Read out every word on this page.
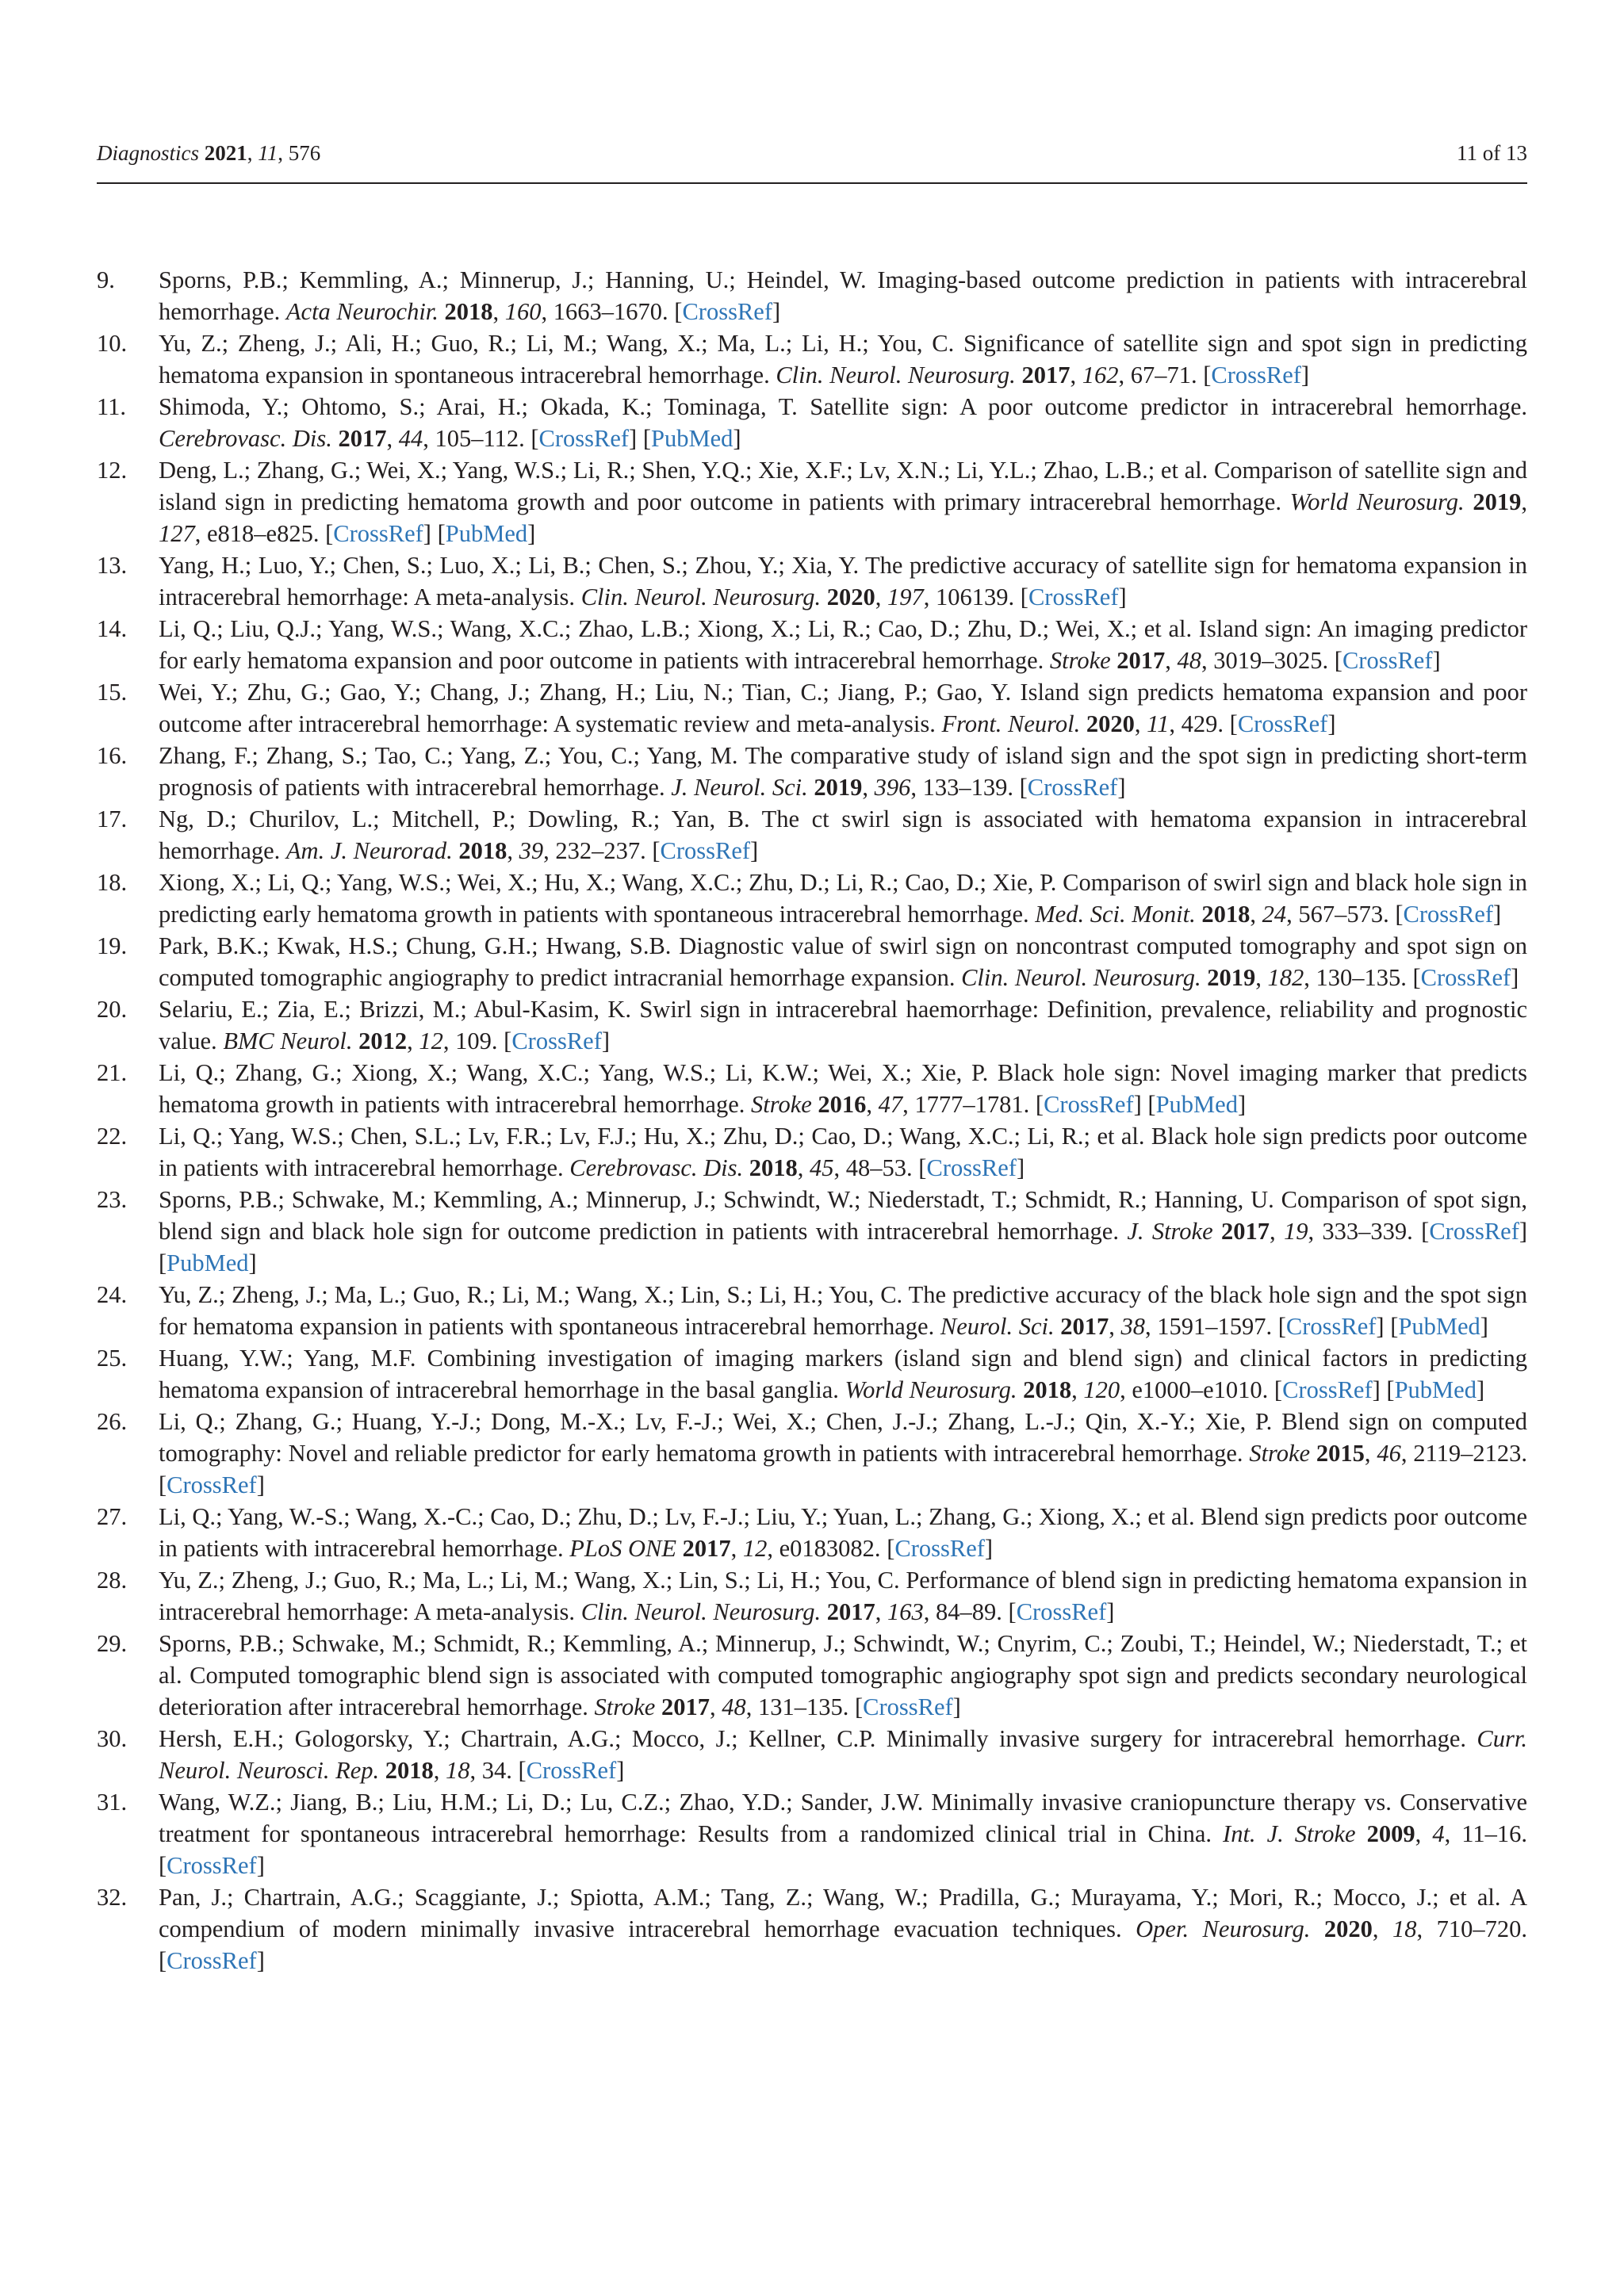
Diagnostics 2021, 11, 576	11 of 13
9. Sporns, P.B.; Kemmling, A.; Minnerup, J.; Hanning, U.; Heindel, W. Imaging-based outcome prediction in patients with intracerebral hemorrhage. Acta Neurochir. 2018, 160, 1663–1670. [CrossRef]
10. Yu, Z.; Zheng, J.; Ali, H.; Guo, R.; Li, M.; Wang, X.; Ma, L.; Li, H.; You, C. Significance of satellite sign and spot sign in predicting hematoma expansion in spontaneous intracerebral hemorrhage. Clin. Neurol. Neurosurg. 2017, 162, 67–71. [CrossRef]
11. Shimoda, Y.; Ohtomo, S.; Arai, H.; Okada, K.; Tominaga, T. Satellite sign: A poor outcome predictor in intracerebral hemorrhage. Cerebrovasc. Dis. 2017, 44, 105–112. [CrossRef] [PubMed]
12. Deng, L.; Zhang, G.; Wei, X.; Yang, W.S.; Li, R.; Shen, Y.Q.; Xie, X.F.; Lv, X.N.; Li, Y.L.; Zhao, L.B.; et al. Comparison of satellite sign and island sign in predicting hematoma growth and poor outcome in patients with primary intracerebral hemorrhage. World Neurosurg. 2019, 127, e818–e825. [CrossRef] [PubMed]
13. Yang, H.; Luo, Y.; Chen, S.; Luo, X.; Li, B.; Chen, S.; Zhou, Y.; Xia, Y. The predictive accuracy of satellite sign for hematoma expansion in intracerebral hemorrhage: A meta-analysis. Clin. Neurol. Neurosurg. 2020, 197, 106139. [CrossRef]
14. Li, Q.; Liu, Q.J.; Yang, W.S.; Wang, X.C.; Zhao, L.B.; Xiong, X.; Li, R.; Cao, D.; Zhu, D.; Wei, X.; et al. Island sign: An imaging predictor for early hematoma expansion and poor outcome in patients with intracerebral hemorrhage. Stroke 2017, 48, 3019–3025. [CrossRef]
15. Wei, Y.; Zhu, G.; Gao, Y.; Chang, J.; Zhang, H.; Liu, N.; Tian, C.; Jiang, P.; Gao, Y. Island sign predicts hematoma expansion and poor outcome after intracerebral hemorrhage: A systematic review and meta-analysis. Front. Neurol. 2020, 11, 429. [CrossRef]
16. Zhang, F.; Zhang, S.; Tao, C.; Yang, Z.; You, C.; Yang, M. The comparative study of island sign and the spot sign in predicting short-term prognosis of patients with intracerebral hemorrhage. J. Neurol. Sci. 2019, 396, 133–139. [CrossRef]
17. Ng, D.; Churilov, L.; Mitchell, P.; Dowling, R.; Yan, B. The ct swirl sign is associated with hematoma expansion in intracerebral hemorrhage. Am. J. Neurorad. 2018, 39, 232–237. [CrossRef]
18. Xiong, X.; Li, Q.; Yang, W.S.; Wei, X.; Hu, X.; Wang, X.C.; Zhu, D.; Li, R.; Cao, D.; Xie, P. Comparison of swirl sign and black hole sign in predicting early hematoma growth in patients with spontaneous intracerebral hemorrhage. Med. Sci. Monit. 2018, 24, 567–573. [CrossRef]
19. Park, B.K.; Kwak, H.S.; Chung, G.H.; Hwang, S.B. Diagnostic value of swirl sign on noncontrast computed tomography and spot sign on computed tomographic angiography to predict intracranial hemorrhage expansion. Clin. Neurol. Neurosurg. 2019, 182, 130–135. [CrossRef]
20. Selariu, E.; Zia, E.; Brizzi, M.; Abul-Kasim, K. Swirl sign in intracerebral haemorrhage: Definition, prevalence, reliability and prognostic value. BMC Neurol. 2012, 12, 109. [CrossRef]
21. Li, Q.; Zhang, G.; Xiong, X.; Wang, X.C.; Yang, W.S.; Li, K.W.; Wei, X.; Xie, P. Black hole sign: Novel imaging marker that predicts hematoma growth in patients with intracerebral hemorrhage. Stroke 2016, 47, 1777–1781. [CrossRef] [PubMed]
22. Li, Q.; Yang, W.S.; Chen, S.L.; Lv, F.R.; Lv, F.J.; Hu, X.; Zhu, D.; Cao, D.; Wang, X.C.; Li, R.; et al. Black hole sign predicts poor outcome in patients with intracerebral hemorrhage. Cerebrovasc. Dis. 2018, 45, 48–53. [CrossRef]
23. Sporns, P.B.; Schwake, M.; Kemmling, A.; Minnerup, J.; Schwindt, W.; Niederstadt, T.; Schmidt, R.; Hanning, U. Comparison of spot sign, blend sign and black hole sign for outcome prediction in patients with intracerebral hemorrhage. J. Stroke 2017, 19, 333–339. [CrossRef] [PubMed]
24. Yu, Z.; Zheng, J.; Ma, L.; Guo, R.; Li, M.; Wang, X.; Lin, S.; Li, H.; You, C. The predictive accuracy of the black hole sign and the spot sign for hematoma expansion in patients with spontaneous intracerebral hemorrhage. Neurol. Sci. 2017, 38, 1591–1597. [CrossRef] [PubMed]
25. Huang, Y.W.; Yang, M.F. Combining investigation of imaging markers (island sign and blend sign) and clinical factors in predicting hematoma expansion of intracerebral hemorrhage in the basal ganglia. World Neurosurg. 2018, 120, e1000–e1010. [CrossRef] [PubMed]
26. Li, Q.; Zhang, G.; Huang, Y.-J.; Dong, M.-X.; Lv, F.-J.; Wei, X.; Chen, J.-J.; Zhang, L.-J.; Qin, X.-Y.; Xie, P. Blend sign on computed tomography: Novel and reliable predictor for early hematoma growth in patients with intracerebral hemorrhage. Stroke 2015, 46, 2119–2123. [CrossRef]
27. Li, Q.; Yang, W.-S.; Wang, X.-C.; Cao, D.; Zhu, D.; Lv, F.-J.; Liu, Y.; Yuan, L.; Zhang, G.; Xiong, X.; et al. Blend sign predicts poor outcome in patients with intracerebral hemorrhage. PLoS ONE 2017, 12, e0183082. [CrossRef]
28. Yu, Z.; Zheng, J.; Guo, R.; Ma, L.; Li, M.; Wang, X.; Lin, S.; Li, H.; You, C. Performance of blend sign in predicting hematoma expansion in intracerebral hemorrhage: A meta-analysis. Clin. Neurol. Neurosurg. 2017, 163, 84–89. [CrossRef]
29. Sporns, P.B.; Schwake, M.; Schmidt, R.; Kemmling, A.; Minnerup, J.; Schwindt, W.; Cnyrim, C.; Zoubi, T.; Heindel, W.; Niederstadt, T.; et al. Computed tomographic blend sign is associated with computed tomographic angiography spot sign and predicts secondary neurological deterioration after intracerebral hemorrhage. Stroke 2017, 48, 131–135. [CrossRef]
30. Hersh, E.H.; Gologorsky, Y.; Chartrain, A.G.; Mocco, J.; Kellner, C.P. Minimally invasive surgery for intracerebral hemorrhage. Curr. Neurol. Neurosci. Rep. 2018, 18, 34. [CrossRef]
31. Wang, W.Z.; Jiang, B.; Liu, H.M.; Li, D.; Lu, C.Z.; Zhao, Y.D.; Sander, J.W. Minimally invasive craniopuncture therapy vs. Conservative treatment for spontaneous intracerebral hemorrhage: Results from a randomized clinical trial in China. Int. J. Stroke 2009, 4, 11–16. [CrossRef]
32. Pan, J.; Chartrain, A.G.; Scaggiante, J.; Spiotta, A.M.; Tang, Z.; Wang, W.; Pradilla, G.; Murayama, Y.; Mori, R.; Mocco, J.; et al. A compendium of modern minimally invasive intracerebral hemorrhage evacuation techniques. Oper. Neurosurg. 2020, 18, 710–720. [CrossRef]
